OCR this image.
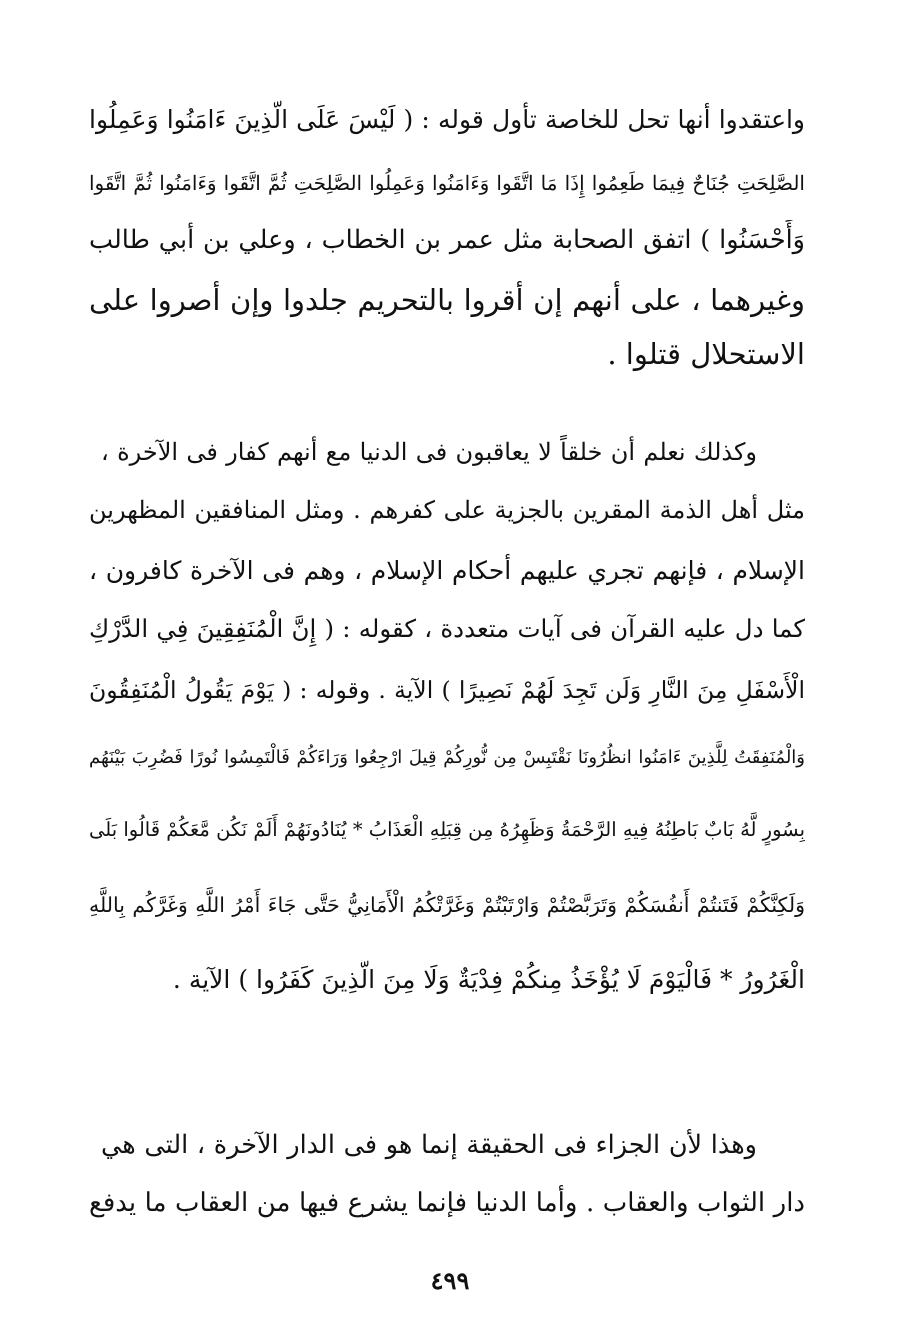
واعتقدوا أنها تحل للخاصة تأول قوله : ( لَيْسَ عَلَى الَّذِينَ ءَامَنُوا وَعَمِلُوا
الصَّلِحَتِ جُنَاحٌ فِيمَا طَعِمُوا إِذَا مَا اتَّقَوا وَءَامَنُوا وَعَمِلُوا الصَّلِحَتِ ثُمَّ اتَّقَوا وَءَامَنُوا ثُمَّ اتَّقَوا
وَأَحْسَنُوا ) اتفق الصحابة مثل عمر بن الخطاب ، وعلي بن أبي طالب
وغيرهما ، على أنهم إن أقروا بالتحريم جلدوا وإن أصروا على
الاستحلال قتلوا .
وكذلك نعلم أن خلقاً لا يعاقبون فى الدنيا مع أنهم كفار فى الآخرة ،
مثل أهل الذمة المقرين بالجزية على كفرهم . ومثل المنافقين المظهرين
الإسلام ، فإنهم تجري عليهم أحكام الإسلام ، وهم فى الآخرة كافرون ،
كما دل عليه القرآن فى آيات متعددة ، كقوله : ( إِنَّ الْمُنَفِقِينَ فِي الدَّرْكِ
الْأَسْفَلِ مِنَ النَّارِ وَلَن تَجِدَ لَهُمْ نَصِيرًا ) الآية . وقوله : ( يَوْمَ يَقُولُ الْمُنَفِقُونَ
وَالْمُنَفِقَتُ لِلَّذِينَ ءَامَنُوا انظُرُونَا نَقْتَبِسْ مِن نُّورِكُمْ قِيلَ ارْجِعُوا وَرَاءَكُمْ فَالْتَمِسُوا نُورًا فَضُرِبَ بَيْنَهُم
بِسُورٍ لَّهُ بَابٌ بَاطِنُهُ فِيهِ الرَّحْمَةُ وَظَهِرُهُ مِن قِبَلِهِ الْعَذَابُ * يُنَادُونَهُمْ أَلَمْ نَكُن مَّعَكُمْ قَالُوا بَلَى
وَلَكِنَّكُمْ فَتَنتُمْ أَنفُسَكُمْ وَتَرَبَّصْتُمْ وَارْتَبْتُمْ وَغَرَّتْكُمُ الْأَمَانِيُّ حَتَّى جَاءَ أَمْرُ اللَّهِ وَغَرَّكُم بِاللَّهِ
الْغَرُورُ * فَالْيَوْمَ لَا يُؤْخَذُ مِنكُمْ فِدْيَةٌ وَلَا مِنَ الَّذِينَ كَفَرُوا ) الآية .
وهذا لأن الجزاء فى الحقيقة إنما هو فى الدار الآخرة ، التى هي
دار الثواب والعقاب . وأما الدنيا فإنما يشرع فيها من العقاب ما يدفع
٤٩٩
